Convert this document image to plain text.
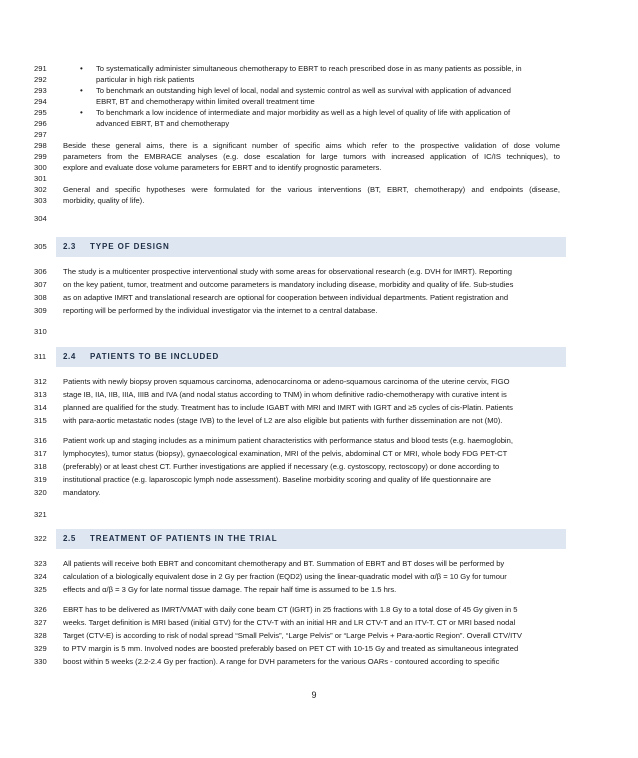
291	• To systematically administer simultaneous chemotherapy to EBRT to reach prescribed dose in as many patients as possible, in
292	particular in high risk patients
293	• To benchmark an outstanding high level of local, nodal and systemic control as well as survival with application of advanced
294	EBRT, BT and chemotherapy within limited overall treatment time
295	• To benchmark a low incidence of intermediate and major morbidity as well as a high level of quality of life with application of
296	advanced EBRT, BT and chemotherapy
297
298	Beside these general aims, there is a significant number of specific aims which refer to the prospective validation of dose volume
299	parameters from the EMBRACE analyses (e.g. dose escalation for large tumors with increased application of IC/IS techniques), to
300	explore and evaluate dose volume parameters for EBRT and to identify prognostic parameters.
301
302	General and specific hypotheses were formulated for the various interventions (BT, EBRT, chemotherapy) and endpoints (disease,
303	morbidity, quality of life).
304
305 2.3 TYPE OF DESIGN
306	The study is a multicenter prospective interventional study with some areas for observational research (e.g. DVH for IMRT). Reporting
307	on the key patient, tumor, treatment and outcome parameters is mandatory including disease, morbidity and quality of life. Sub-studies
308	as on adaptive IMRT and translational research are optional for cooperation between individual departments. Patient registration and
309	reporting will be performed by the individual investigator via the internet to a central database.
310
311 2.4 PATIENTS TO BE INCLUDED
312	Patients with newly biopsy proven squamous carcinoma, adenocarcinoma or adeno-squamous carcinoma of the uterine cervix, FIGO
313	stage IB, IIA, IIB, IIIA, IIIB and IVA (and nodal status according to TNM) in whom definitive radio-chemotherapy with curative intent is
314	planned are qualified for the study. Treatment has to include IGABT with MRI and IMRT with IGRT and ≥5 cycles of cis-Platin. Patients
315	with para-aortic metastatic nodes (stage IVB) to the level of L2 are also eligible but patients with further dissemination are not (M0).
316	Patient work up and staging includes as a minimum patient characteristics with performance status and blood tests (e.g. haemoglobin,
317	lymphocytes), tumor status (biopsy), gynaecological examination, MRI of the pelvis, abdominal CT or MRI, whole body FDG PET-CT
318	(preferably) or at least chest CT. Further investigations are applied if necessary (e.g. cystoscopy, rectoscopy) or done according to
319	institutional practice (e.g. laparoscopic lymph node assessment). Baseline morbidity scoring and quality of life questionnaire are
320	mandatory.
321
322 2.5 TREATMENT OF PATIENTS IN THE TRIAL
323	All patients will receive both EBRT and concomitant chemotherapy and BT. Summation of EBRT and BT doses will be performed by
324	calculation of a biologically equivalent dose in 2 Gy per fraction (EQD2) using the linear-quadratic model with α/β = 10 Gy for tumour
325	effects and α/β = 3 Gy for late normal tissue damage. The repair half time is assumed to be 1.5 hrs.
326	EBRT has to be delivered as IMRT/VMAT with daily cone beam CT (IGRT) in 25 fractions with 1.8 Gy to a total dose of 45 Gy given in 5
327	weeks. Target definition is MRI based (initial GTV) for the CTV-T with an initial HR and LR CTV-T and an ITV-T. CT or MRI based nodal
328	Target (CTV-E) is according to risk of nodal spread “Small Pelvis”, “Large Pelvis” or “Large Pelvis + Para-aortic Region”. Overall CTV/ITV
329	to PTV margin is 5 mm. Involved nodes are boosted preferably based on PET CT with 10-15 Gy and treated as simultaneous integrated
330	boost within 5 weeks (2.2-2.4 Gy per fraction). A range for DVH parameters for the various OARs - contoured according to specific
9
